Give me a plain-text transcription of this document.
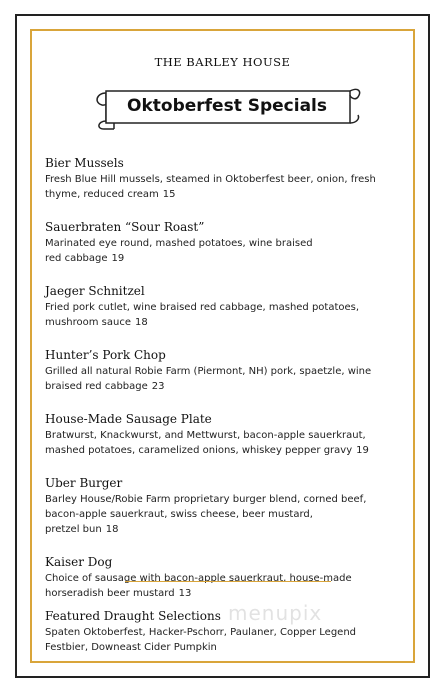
THE BARLEY HOUSE
Oktoberfest Specials
Bier Mussels
Fresh Blue Hill mussels, steamed in Oktoberfest beer, onion, fresh
thyme, reduced cream 15
Sauerbraten “Sour Roast”
Marinated eye round, mashed potatoes, wine braised
red cabbage 19
Jaeger Schnitzel
Fried pork cutlet, wine braised red cabbage, mashed potatoes,
mushroom sauce 18
Hunter’s Pork Chop
Grilled all natural Robie Farm (Piermont, NH) pork, spaetzle, wine
braised red cabbage 23
House-Made Sausage Plate
Bratwurst, Knackwurst, and Mettwurst, bacon-apple sauerkraut,
mashed potatoes, caramelized onions, whiskey pepper gravy 19
Uber Burger
Barley House/Robie Farm proprietary burger blend, corned beef,
bacon-apple sauerkraut, swiss cheese, beer mustard,
pretzel bun 18
Kaiser Dog
Choice of sausage with bacon-apple sauerkraut, house-made
horseradish beer mustard 13
Featured Draught Selections
Spaten Oktoberfest, Hacker-Pschorr, Paulaner, Copper Legend
Festbier, Downeast Cider Pumpkin
menupix
